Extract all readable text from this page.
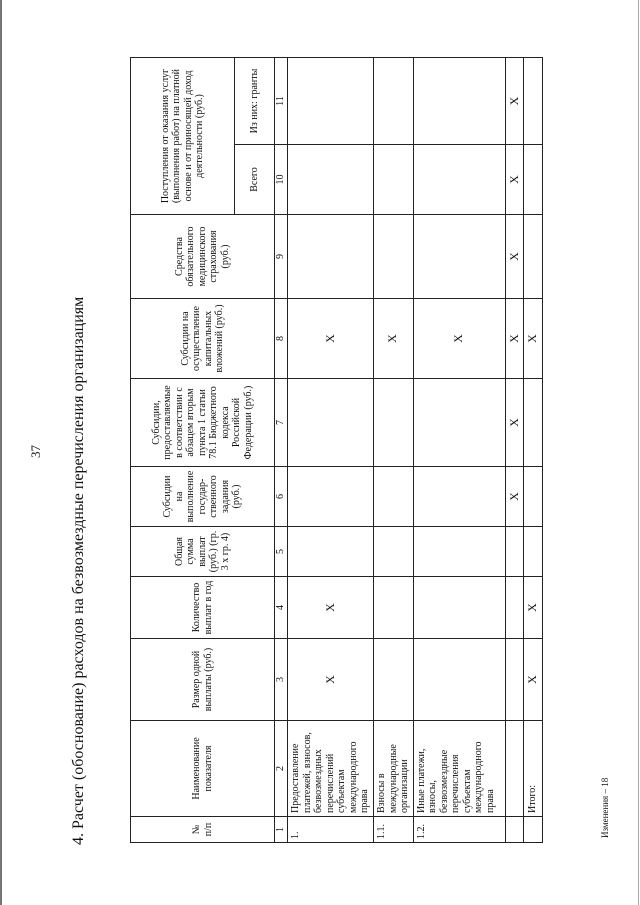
37 4. Расчет (обоснование) расходов на безвозмездные перечисления организациям	Изменения – 18
№ п/п	Наименование показателя	Размер одной выплаты (руб.)	Количество выплат в год	Общая сумма выплат (руб.) (гр. 3 х гр. 4)	Субсидии на выполнение государ-ственного задания (руб.)	Субсидии, предоставляемые в соответствии с абзацем вторым пункта 1 статьи 78.1 Бюджетного кодекса Российской Федерации (руб.)	Субсидии на осуществление капитальных вложений (руб.)	Средства обязательного медицинского страхования (руб.)	Поступления от оказания услуг (выполнения работ) на платной основе и от приносящей доход деятельности (руб.)	
									Всего	Из них: гранты
1	2	3	4	5	6	7	8	9	10	11
1.	Предоставление платежей, взносов, безвозмездных перечислений субъектам международного права	X	X				X			
1.1.	Взносы в международные организации						X			
1.2.	Иные платежи, взносы, безвозмездные перечисления субъектам международного права						X			
					X	X	X	X	X	X
	Итого:	X	X				X			
